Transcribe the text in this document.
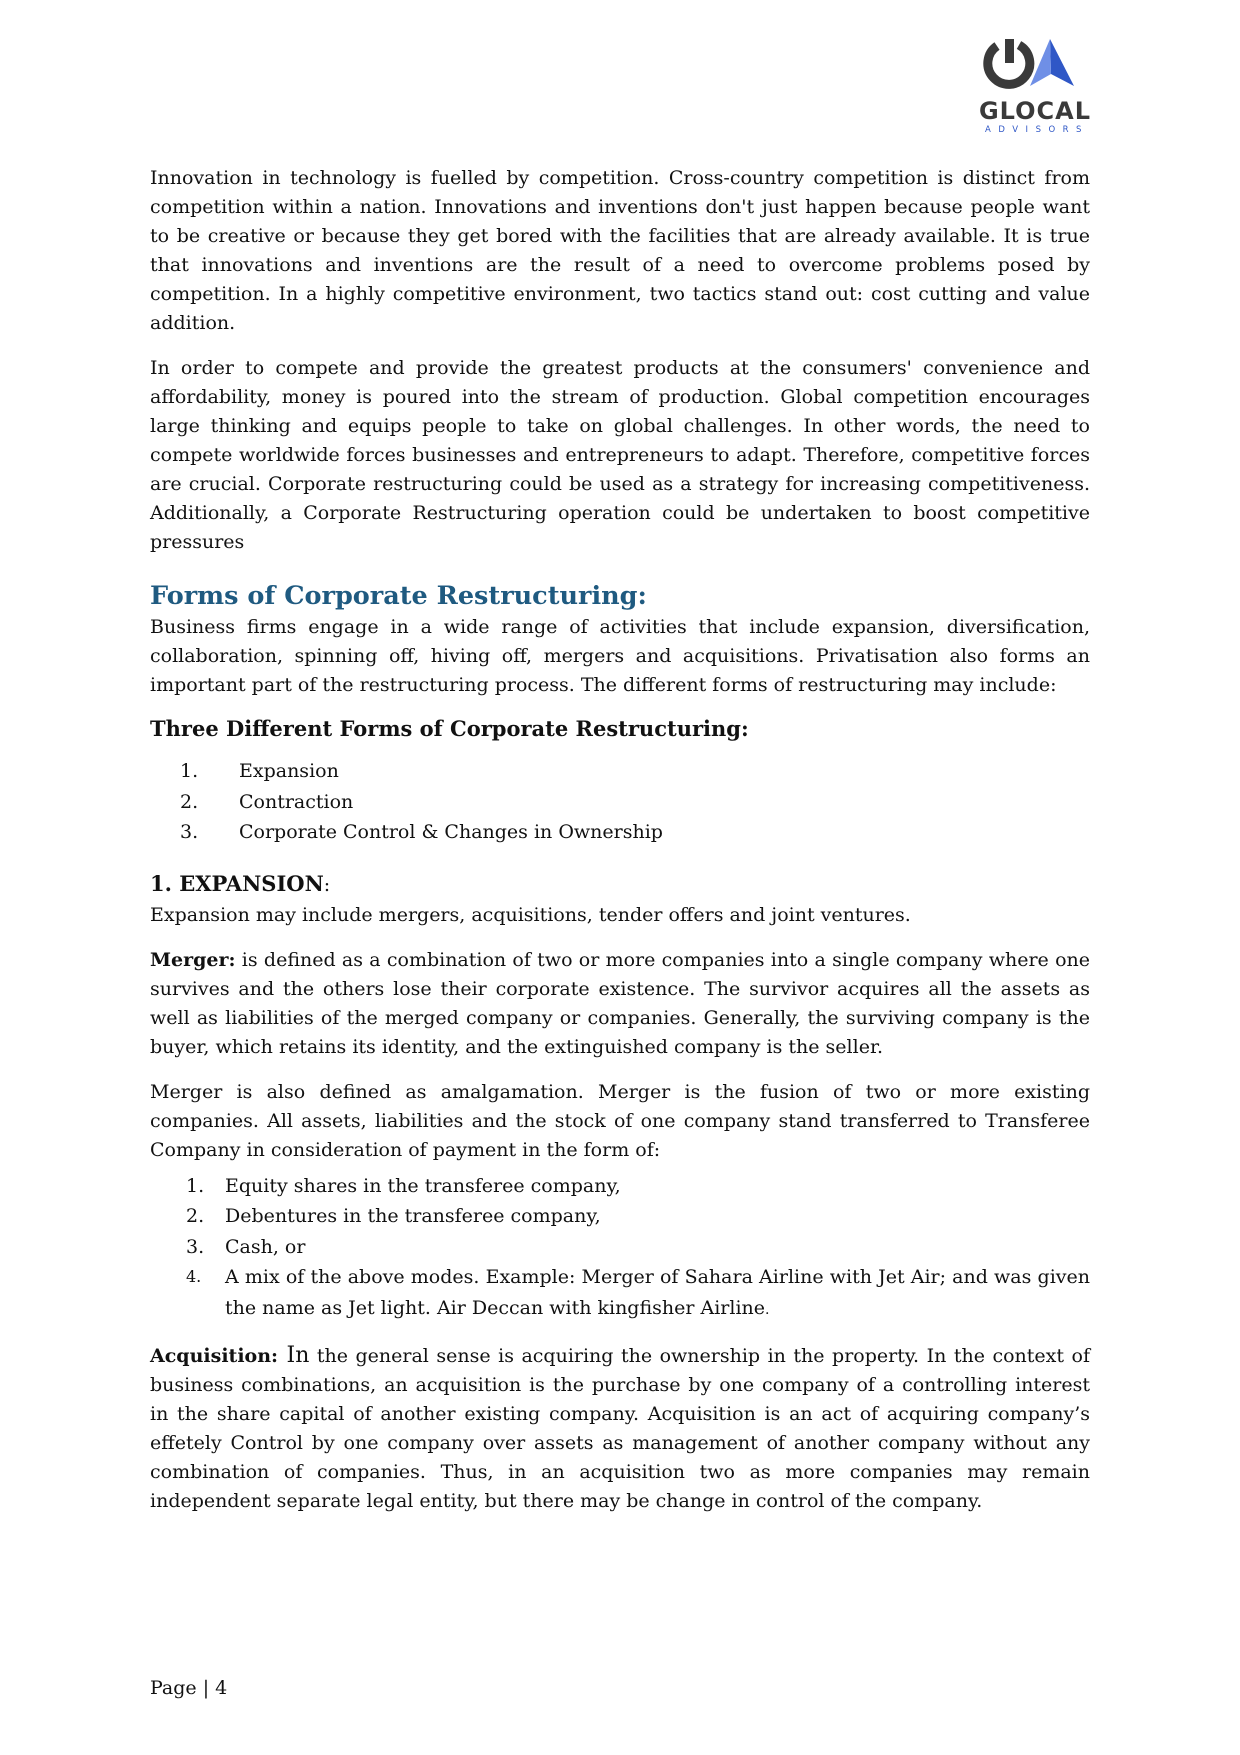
GLOCAL
ADVISORS

Innovation in technology is fuelled by competition. Cross-country competition is distinct from competition within a nation. Innovations and inventions don't just happen because people want to be creative or because they get bored with the facilities that are already available. It is true that innovations and inventions are the result of a need to overcome problems posed by competition. In a highly competitive environment, two tactics stand out: cost cutting and value addition.

In order to compete and provide the greatest products at the consumers' convenience and affordability, money is poured into the stream of production. Global competition encourages large thinking and equips people to take on global challenges. In other words, the need to compete worldwide forces businesses and entrepreneurs to adapt. Therefore, competitive forces are crucial. Corporate restructuring could be used as a strategy for increasing competitiveness. Additionally, a Corporate Restructuring operation could be undertaken to boost competitive pressures

Forms of Corporate Restructuring:

Business firms engage in a wide range of activities that include expansion, diversification, collaboration, spinning off, hiving off, mergers and acquisitions. Privatisation also forms an important part of the restructuring process. The different forms of restructuring may include:

Three Different Forms of Corporate Restructuring:
1. Expansion
2. Contraction
3. Corporate Control & Changes in Ownership
1. EXPANSION:

Expansion may include mergers, acquisitions, tender offers and joint ventures.

Merger: is defined as a combination of two or more companies into a single company where one survives and the others lose their corporate existence. The survivor acquires all the assets as well as liabilities of the merged company or companies. Generally, the surviving company is the buyer, which retains its identity, and the extinguished company is the seller.

Merger is also defined as amalgamation. Merger is the fusion of two or more existing companies. All assets, liabilities and the stock of one company stand transferred to Transferee Company in consideration of payment in the form of:

1. Equity shares in the transferee company,
2. Debentures in the transferee company,
3. Cash, or
4. A mix of the above modes. Example: Merger of Sahara Airline with Jet Air; and was given the name as Jet light. Air Deccan with kingfisher Airline.

Acquisition: In the general sense is acquiring the ownership in the property. In the context of business combinations, an acquisition is the purchase by one company of a controlling interest in the share capital of another existing company. Acquisition is an act of acquiring company’s effetely Control by one company over assets as management of another company without any combination of companies. Thus, in an acquisition two as more companies may remain independent separate legal entity, but there may be change in control of the company.

Page | 4
